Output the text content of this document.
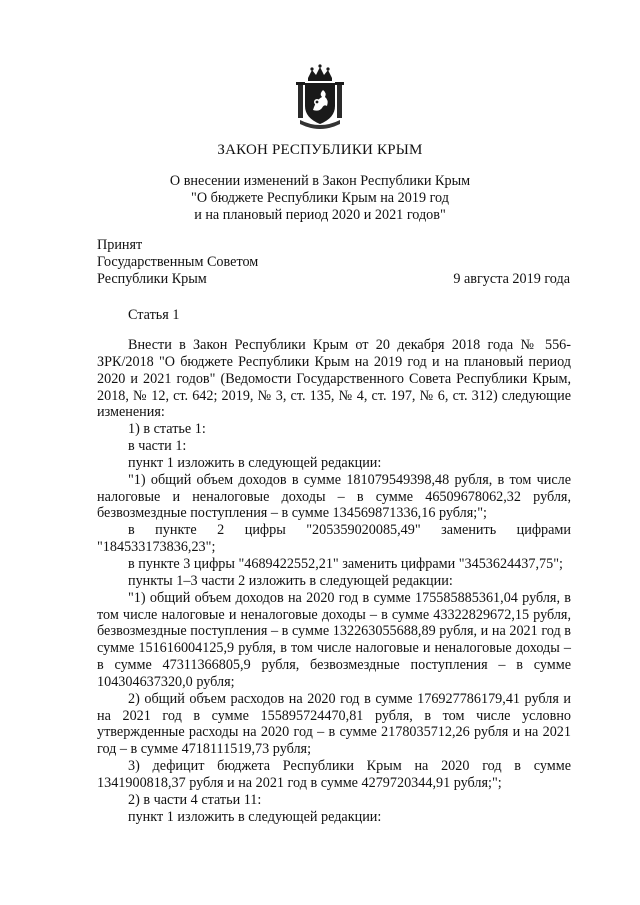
ЗАКОН РЕСПУБЛИКИ КРЫМ
О внесении изменений в Закон Республики Крым
"О бюджете Республики Крым на 2019 год
и на плановый период 2020 и 2021 годов"
Принят
Государственным Советом
Республики Крым	9 августа 2019 года
Статья 1

Внести в Закон Республики Крым от 20 декабря 2018 года № 556-ЗРК/2018 "О бюджете Республики Крым на 2019 год и на плановый период 2020 и 2021 годов" (Ведомости Государственного Совета Республики Крым, 2018, № 12, ст. 642; 2019, № 3, ст. 135, № 4, ст. 197, № 6, ст. 312) следующие изменения:

1) в статье 1:

в части 1:

пункт 1 изложить в следующей редакции:

"1) общий объем доходов в сумме 181079549398,48 рубля, в том числе налоговые и неналоговые доходы – в сумме 46509678062,32 рубля, безвозмездные поступления – в сумме 134569871336,16 рубля;";

в пункте 2 цифры "205359020085,49" заменить цифрами "184533173836,23";

в пункте 3 цифры "4689422552,21" заменить цифрами "3453624437,75";

пункты 1–3 части 2 изложить в следующей редакции:

"1) общий объем доходов на 2020 год в сумме 175585885361,04 рубля, в том числе налоговые и неналоговые доходы – в сумме 43322829672,15 рубля, безвозмездные поступления – в сумме 132263055688,89 рубля, и на 2021 год в сумме 151616004125,9 рубля, в том числе налоговые и неналоговые доходы – в сумме 47311366805,9 рубля, безвозмездные поступления – в сумме 104304637320,0 рубля;

2) общий объем расходов на 2020 год в сумме 176927786179,41 рубля и на 2021 год в сумме 155895724470,81 рубля, в том числе условно утвержденные расходы на 2020 год – в сумме 2178035712,26 рубля и на 2021 год – в сумме 4718111519,73 рубля;

3) дефицит бюджета Республики Крым на 2020 год в сумме 1341900818,37 рубля и на 2021 год в сумме 4279720344,91 рубля;";

2) в части 4 статьи 11:

пункт 1 изложить в следующей редакции:
